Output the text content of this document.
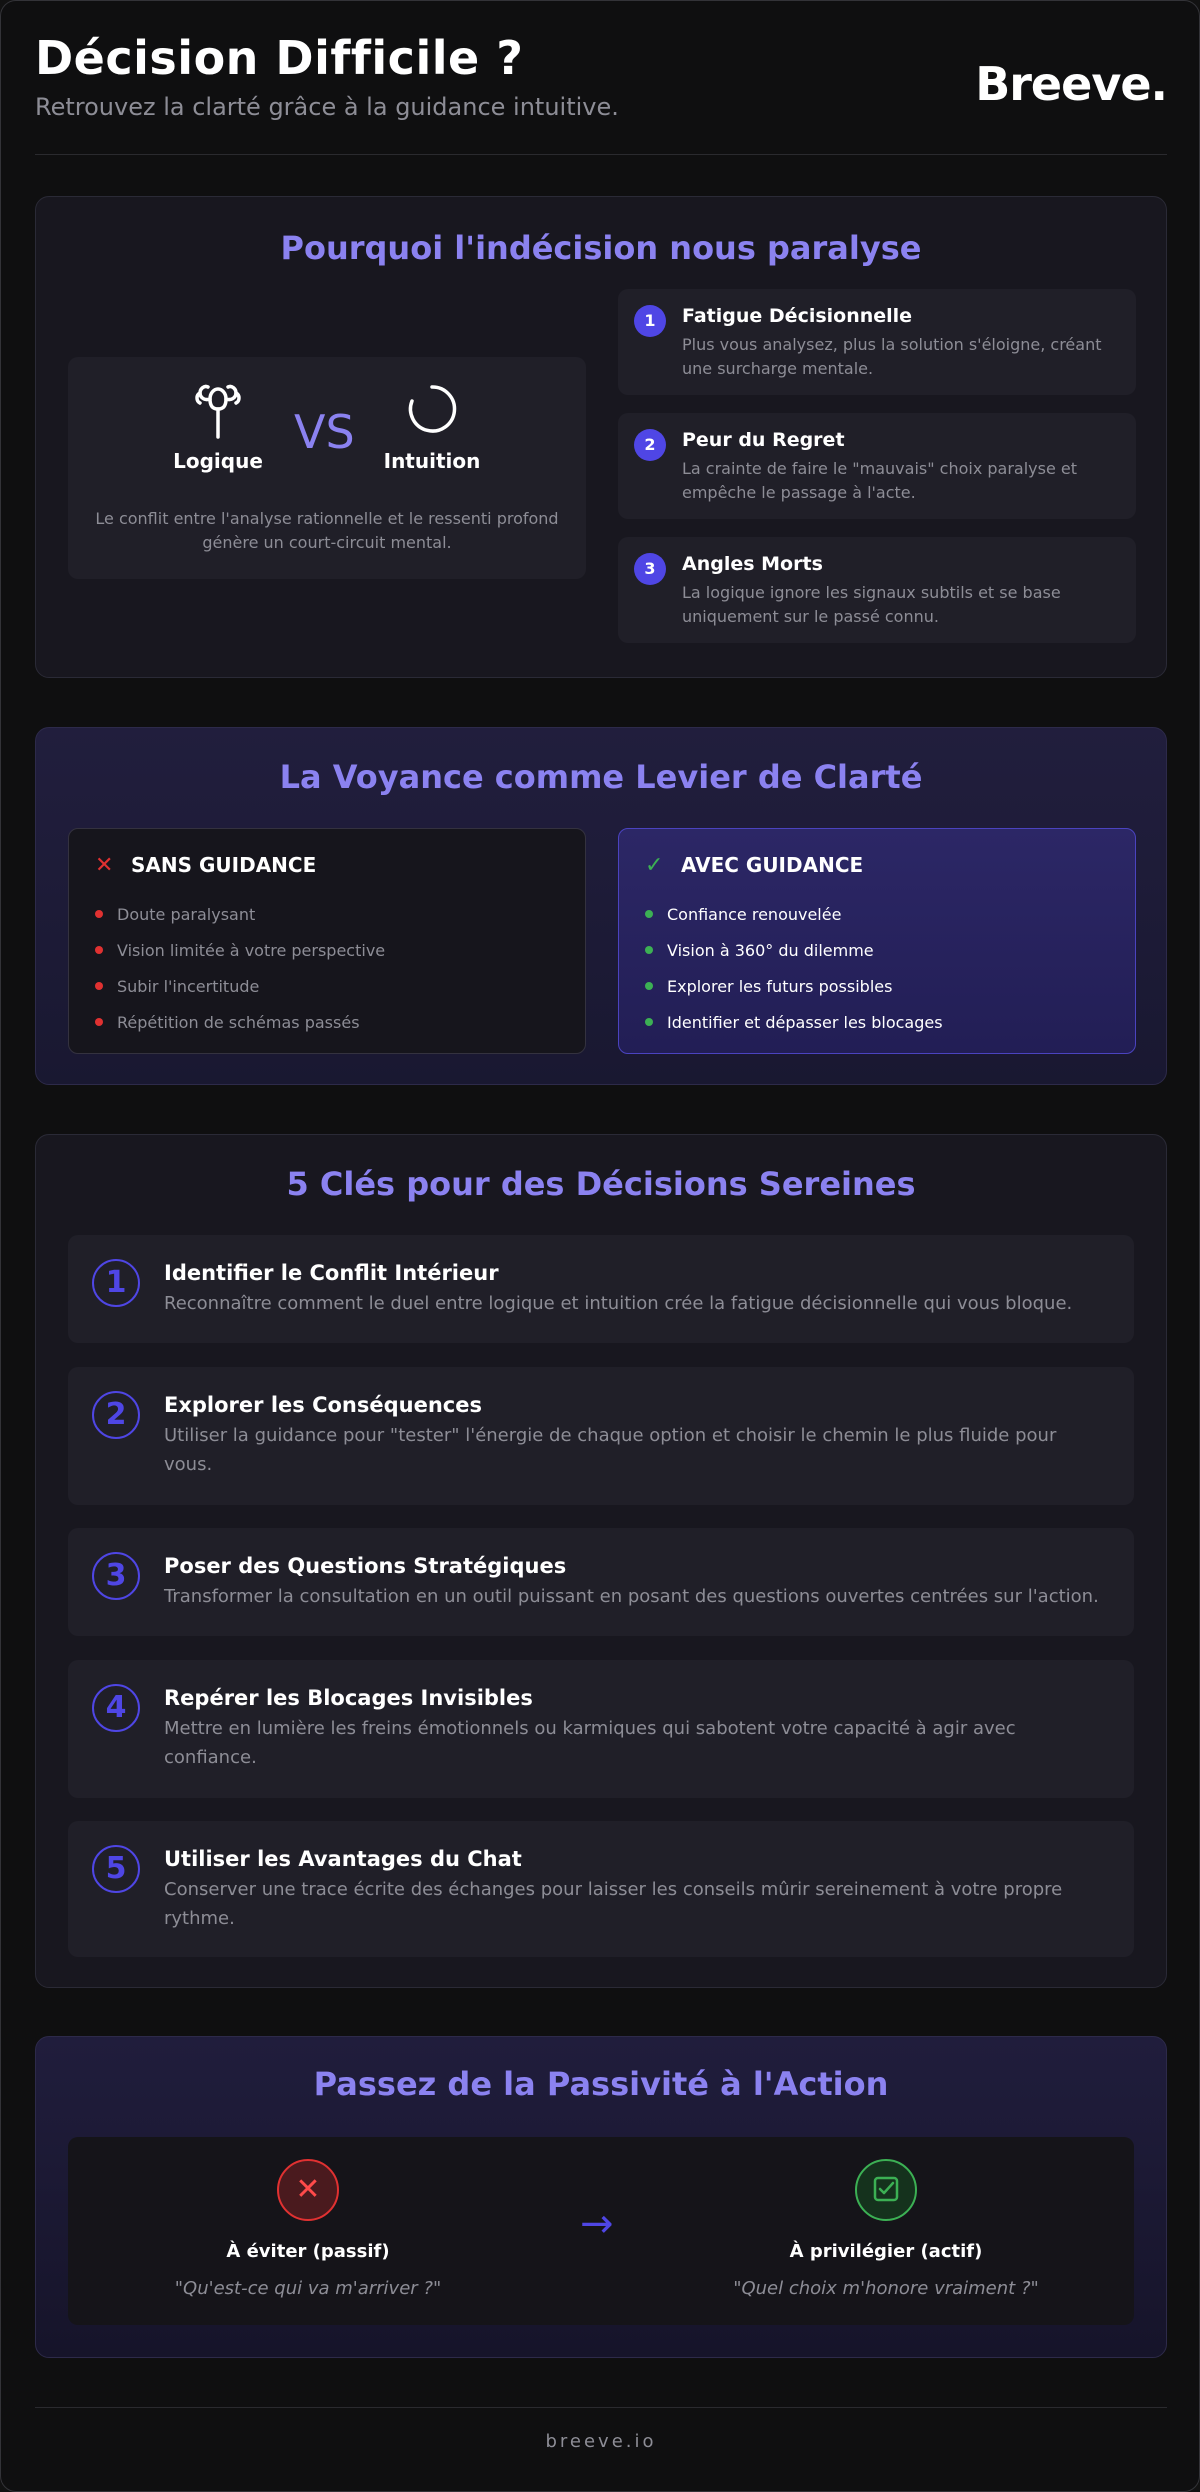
Décision Difficile ?
Retrouvez la clarté grâce à la guidance intuitive.	Breeve.
Pourquoi l'indécision nous paralyse
Logique
VS
Intuition
Le conflit entre l'analyse rationnelle et le ressenti profond génère un court-circuit mental.
1	Fatigue Décisionnelle
Plus vous analysez, plus la solution s'éloigne, créant une surcharge mentale.
2	Peur du Regret
La crainte de faire le "mauvais" choix paralyse et empêche le passage à l'acte.
3	Angles Morts
La logique ignore les signaux subtils et se base uniquement sur le passé connu.
La Voyance comme Levier de Clarté
✕ SANS GUIDANCE
Doute paralysant
Vision limitée à votre perspective
Subir l'incertitude
Répétition de schémas passés
✓ AVEC GUIDANCE
Confiance renouvelée
Vision à 360° du dilemme
Explorer les futurs possibles
Identifier et dépasser les blocages
5 Clés pour des Décisions Sereines
1	Identifier le Conflit Intérieur
Reconnaître comment le duel entre logique et intuition crée la fatigue décisionnelle qui vous bloque.
2	Explorer les Conséquences
Utiliser la guidance pour "tester" l'énergie de chaque option et choisir le chemin le plus fluide pour vous.
3	Poser des Questions Stratégiques
Transformer la consultation en un outil puissant en posant des questions ouvertes centrées sur l'action.
4	Repérer les Blocages Invisibles
Mettre en lumière les freins émotionnels ou karmiques qui sabotent votre capacité à agir avec confiance.
5	Utiliser les Avantages du Chat
Conserver une trace écrite des échanges pour laisser les conseils mûrir sereinement à votre propre rythme.
Passez de la Passivité à l'Action
✕
À éviter (passif)
"Qu'est-ce qui va m'arriver ?"
→
À privilégier (actif)
"Quel choix m'honore vraiment ?"
breeve.io
